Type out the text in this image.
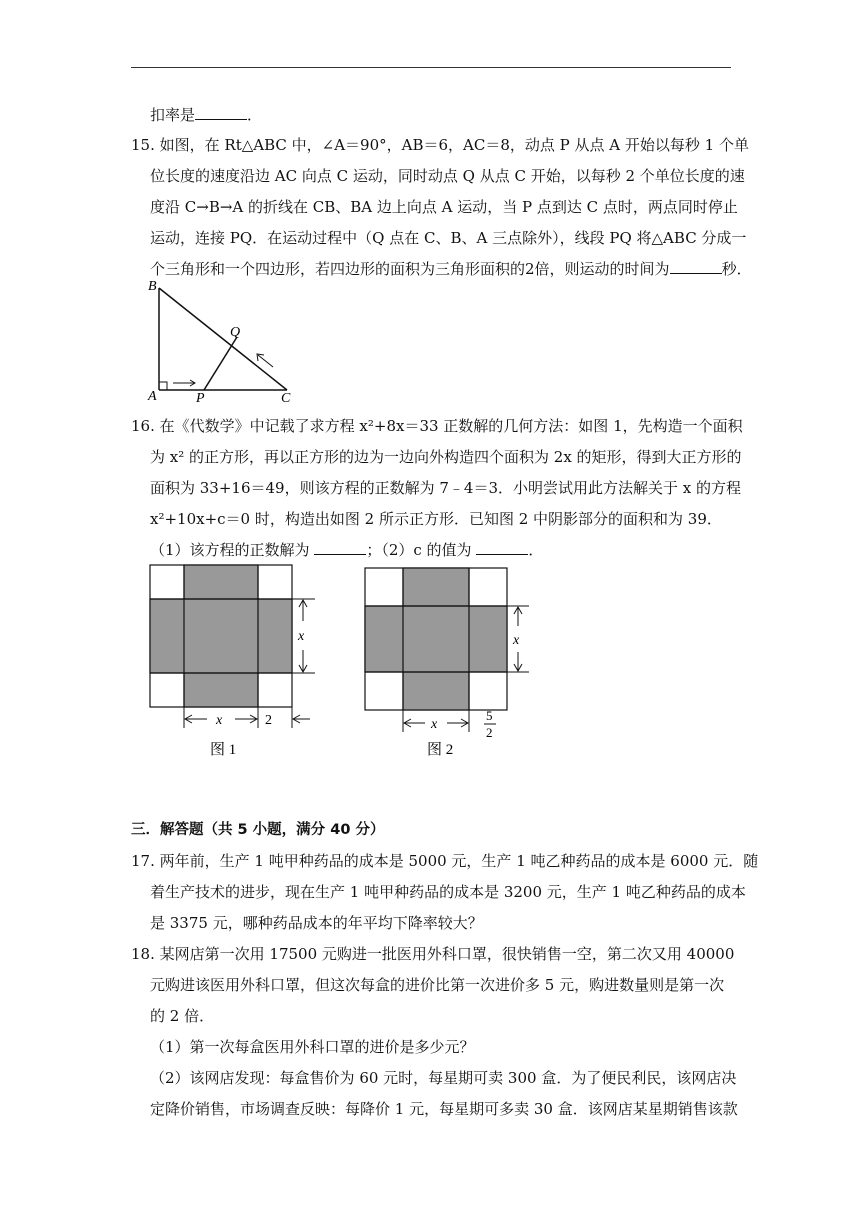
扣率是	．
15. 如图，在 Rt△ABC 中，∠A＝90°，AB＝6，AC＝8，动点 P 从点 A 开始以每秒 1 个单
位长度的速度沿边 AC 向点 C 运动，同时动点 Q 从点 C 开始，以每秒 2 个单位长度的速
度沿 C→B→A 的折线在 CB、BA 边上向点 A 运动，当 P 点到达 C 点时，两点同时停止
运动，连接 PQ．在运动过程中（Q 点在 C、B、A 三点除外），线段 PQ 将△ABC 分成一
个三角形和一个四边形，若四边形的面积为三角形面积的2倍，则运动的时间为	秒．
B
A	P
Q
C
16. 在《代数学》中记载了求方程 x²+8x＝33 正数解的几何方法：如图 1，先构造一个面积
为 x² 的正方形，再以正方形的边为一边向外构造四个面积为 2x 的矩形，得到大正方形的
面积为 33+16＝49，则该方程的正数解为 7﹣4＝3．小明尝试用此方法解关于 x 的方程
x²+10x+c＝0 时，构造出如图 2 所示正方形．已知图 2 中阴影部分的面积和为 39．
（1）该方程的正数解为	；（2）c 的值为	．
x
x	2
图 1
x
x
5
2
图 2
三．解答题（共 5 小题，满分 40 分）
17. 两年前，生产 1 吨甲种药品的成本是 5000 元，生产 1 吨乙种药品的成本是 6000 元．随
着生产技术的进步，现在生产 1 吨甲种药品的成本是 3200 元，生产 1 吨乙种药品的成本
是 3375 元，哪种药品成本的年平均下降率较大？
18. 某网店第一次用 17500 元购进一批医用外科口罩，很快销售一空，第二次又用 40000
元购进该医用外科口罩，但这次每盒的进价比第一次进价多 5 元，购进数量则是第一次
的 2 倍．
（1）第一次每盒医用外科口罩的进价是多少元？
（2）该网店发现：每盒售价为 60 元时，每星期可卖 300 盒．为了便民利民，该网店决
定降价销售，市场调查反映：每降价 1 元，每星期可多卖 30 盒．该网店某星期销售该款
